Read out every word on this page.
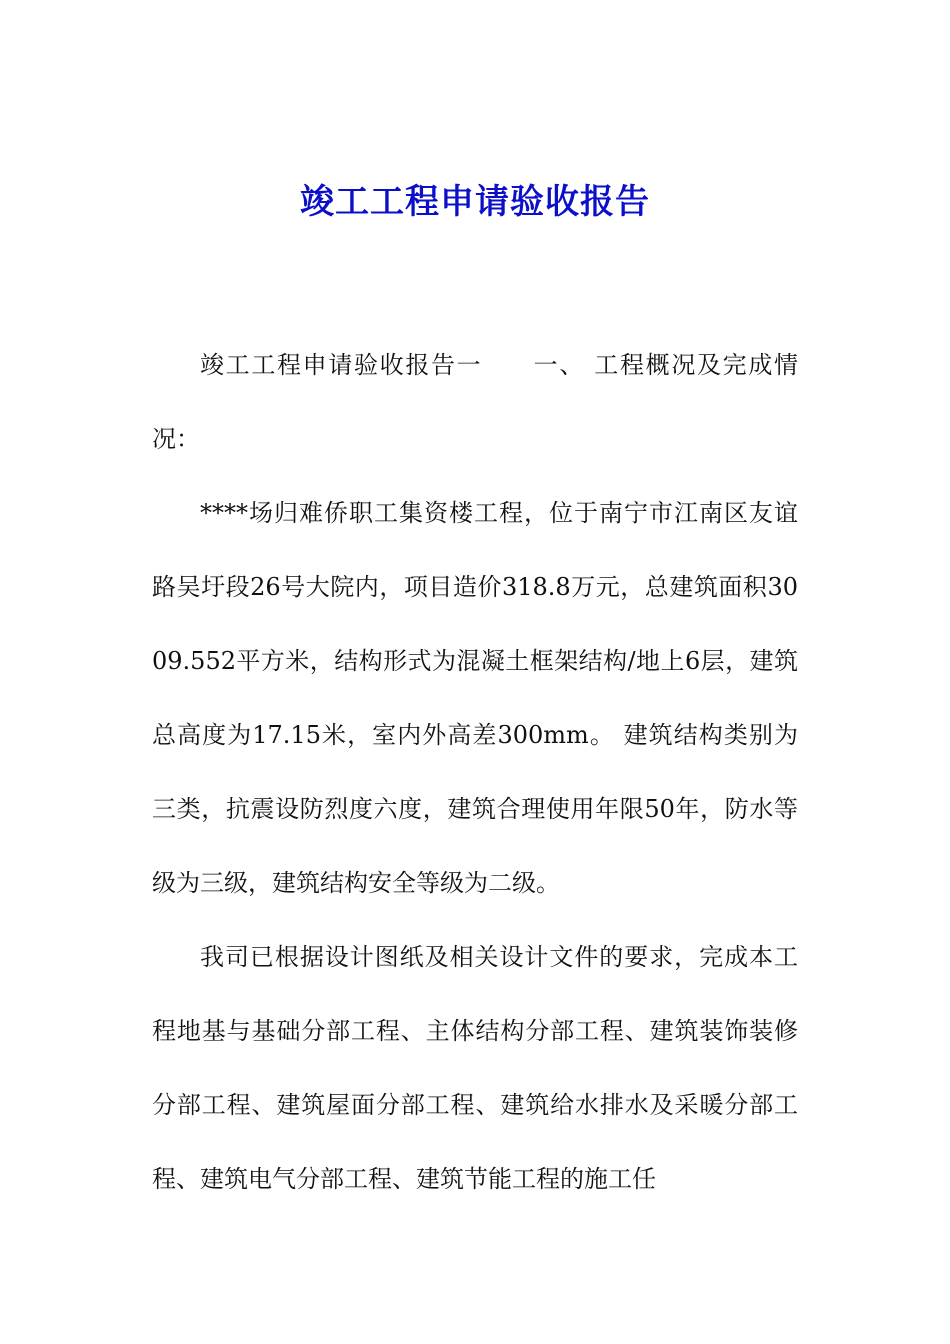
竣工工程申请验收报告

竣工工程申请验收报告一　　一、 工程概况及完成情况：

****场归难侨职工集资楼工程，位于南宁市江南区友谊路吴圩段26号大院内，项目造价318.8万元，总建筑面积3009.552平方米，结构形式为混凝土框架结构/地上6层，建筑总高度为17.15米，室内外高差300mm。 建筑结构类别为三类，抗震设防烈度六度，建筑合理使用年限50年，防水等级为三级，建筑结构安全等级为二级。

我司已根据设计图纸及相关设计文件的要求，完成本工程地基与基础分部工程、主体结构分部工程、建筑装饰装修分部工程、建筑屋面分部工程、建筑给水排水及采暖分部工程、建筑电气分部工程、建筑节能工程的施工任
